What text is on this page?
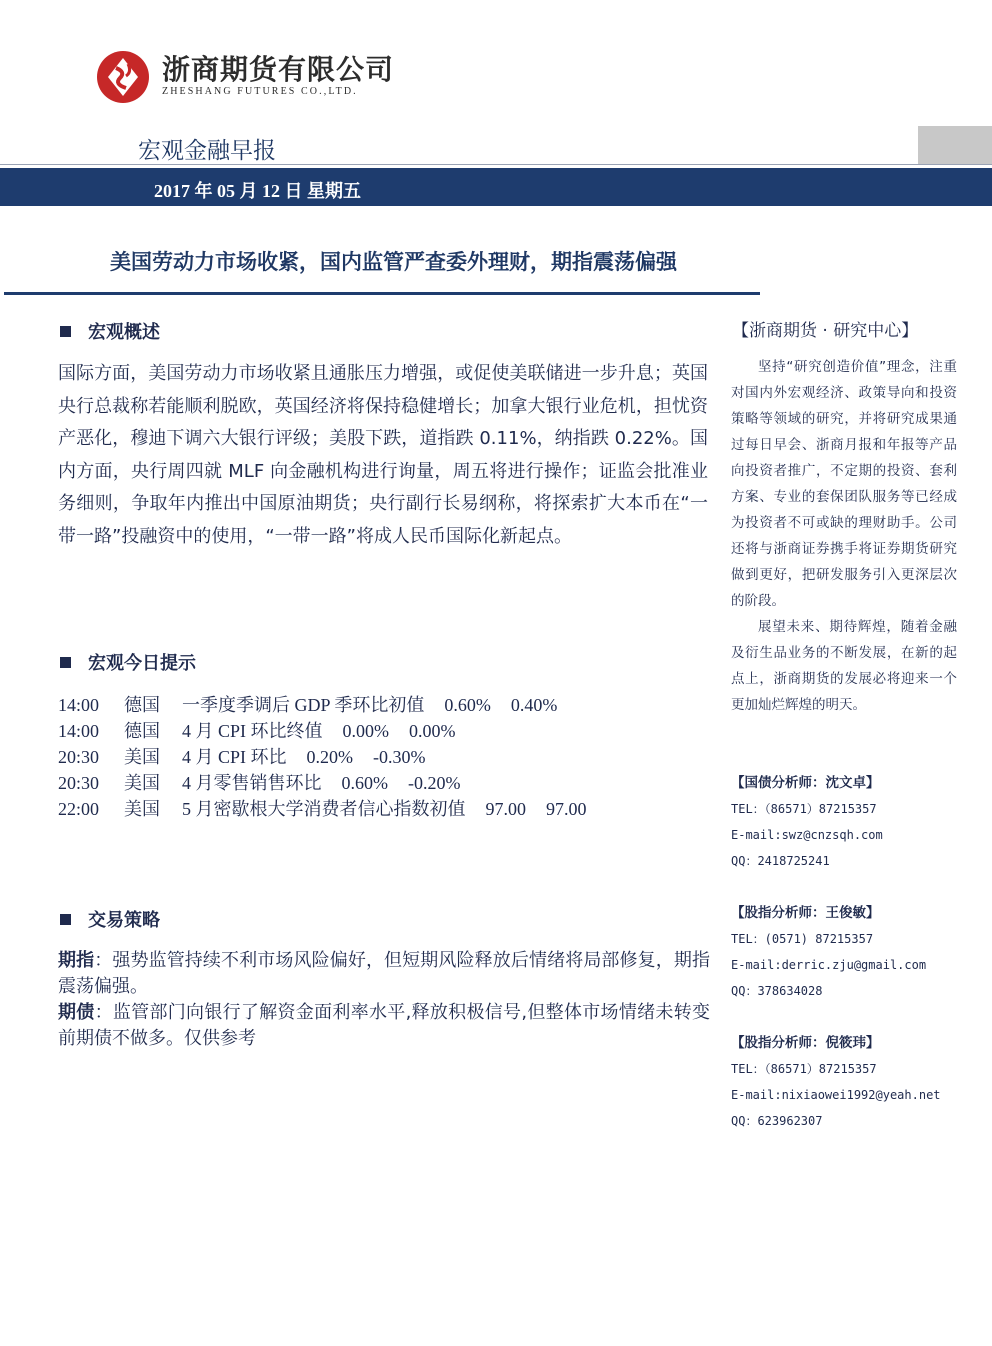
浙商期货有限公司
ZHESHANG FUTURES CO.,LTD.
宏观金融早报
2017 年 05 月 12 日 星期五
美国劳动力市场收紧，国内监管严查委外理财，期指震荡偏强
宏观概述
国际方面，美国劳动力市场收紧且通胀压力增强，或促使美联储进一步升息；英国央行总裁称若能顺利脱欧，英国经济将保持稳健增长；加拿大银行业危机，担忧资产恶化，穆迪下调六大银行评级；美股下跌，道指跌 0.11%，纳指跌 0.22%。国内方面，央行周四就 MLF 向金融机构进行询量，周五将进行操作；证监会批准业务细则，争取年内推出中国原油期货；央行副行长易纲称，将探索扩大本币在“一带一路”投融资中的使用，“一带一路”将成人民币国际化新起点。
宏观今日提示
14:00 德国 一季度季调后 GDP 季环比初值 0.60% 0.40%
14:00 德国 4 月 CPI 环比终值 0.00% 0.00%
20:30 美国 4 月 CPI 环比 0.20% -0.30%
20:30 美国 4 月零售销售环比 0.60% -0.20%
22:00 美国 5 月密歇根大学消费者信心指数初值 97.00 97.00
交易策略

期指：强势监管持续不利市场风险偏好，但短期风险释放后情绪将局部修复，期指震荡偏强。

期债：监管部门向银行了解资金面利率水平,释放积极信号,但整体市场情绪未转变前期债不做多。仅供参考

【浙商期货 · 研究中心】

坚持“研究创造价值”理念，注重对国内外宏观经济、政策导向和投资策略等领域的研究，并将研究成果通过每日早会、浙商月报和年报等产品向投资者推广，不定期的投资、套利方案、专业的套保团队服务等已经成为投资者不可或缺的理财助手。公司还将与浙商证券携手将证券期货研究做到更好，把研发服务引入更深层次的阶段。

展望未来、期待辉煌，随着金融及衍生品业务的不断发展，在新的起点上，浙商期货的发展必将迎来一个更加灿烂辉煌的明天。

【国债分析师：沈文卓】
TEL：（86571）87215357
E-mail:swz@cnzsqh.com
QQ：2418725241
【股指分析师：王俊敏】
TEL：(0571) 87215357
E-mail:derric.zju@gmail.com
QQ：378634028
【股指分析师：倪筱玮】
TEL：（86571）87215357
E-mail:nixiaowei1992@yeah.net
QQ：623962307
